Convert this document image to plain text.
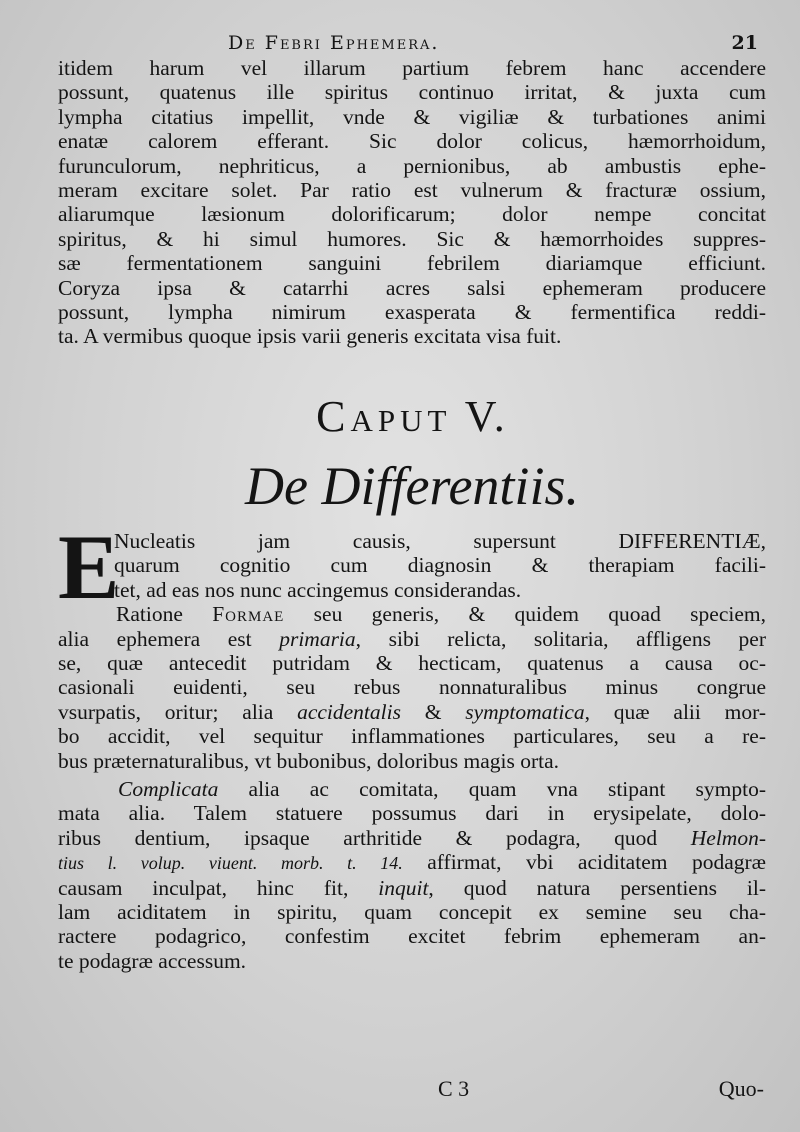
De Febri Ephemera.	21
itidem harum vel illarum partium febrem hanc accendere
possunt, quatenus ille spiritus continuo irritat, & juxta cum
lympha citatius impellit, vnde & vigiliæ & turbationes animi
enatæ calorem efferant. Sic dolor colicus, hæmorrhoidum,
furunculorum, nephriticus, a pernionibus, ab ambustis ephe-
meram excitare solet. Par ratio est vulnerum & fracturæ ossium,
aliarumque læsionum dolorificarum; dolor nempe concitat
spiritus, & hi simul humores. Sic & hæmorrhoides suppres-
sæ fermentationem sanguini febrilem diariamque efficiunt.
Coryza ipsa & catarrhi acres salsi ephemeram producere
possunt, lympha nimirum exasperata & fermentifica reddi-
ta. A vermibus quoque ipsis varii generis excitata visa fuit.
Caput V.
De Differentiis.
E
Nucleatis jam causis, supersunt DIFFERENTIÆ,
quarum cognitio cum diagnosin & therapiam facili-
tet, ad eas nos nunc accingemus considerandas.
Ratione Formae seu generis, & quidem quoad speciem,
alia ephemera est primaria, sibi relicta, solitaria, affligens per
se, quæ antecedit putridam & hecticam, quatenus a causa oc-
casionali euidenti, seu rebus nonnaturalibus minus congrue
vsurpatis, oritur; alia accidentalis & symptomatica, quæ alii mor-
bo accidit, vel sequitur inflammationes particulares, seu a re-
bus præternaturalibus, vt bubonibus, doloribus magis orta.
Complicata alia ac comitata, quam vna stipant sympto-
mata alia. Talem statuere possumus dari in erysipelate, dolo-
ribus dentium, ipsaque arthritide & podagra, quod Helmon-
tius l. volup. viuent. morb. t. 14. affirmat, vbi aciditatem podagræ
causam inculpat, hinc fit, inquit, quod natura persentiens il-
lam aciditatem in spiritu, quam concepit ex semine seu cha-
ractere podagrico, confestim excitet febrim ephemeram an-
te podagræ accessum.
C 3	Quo-
